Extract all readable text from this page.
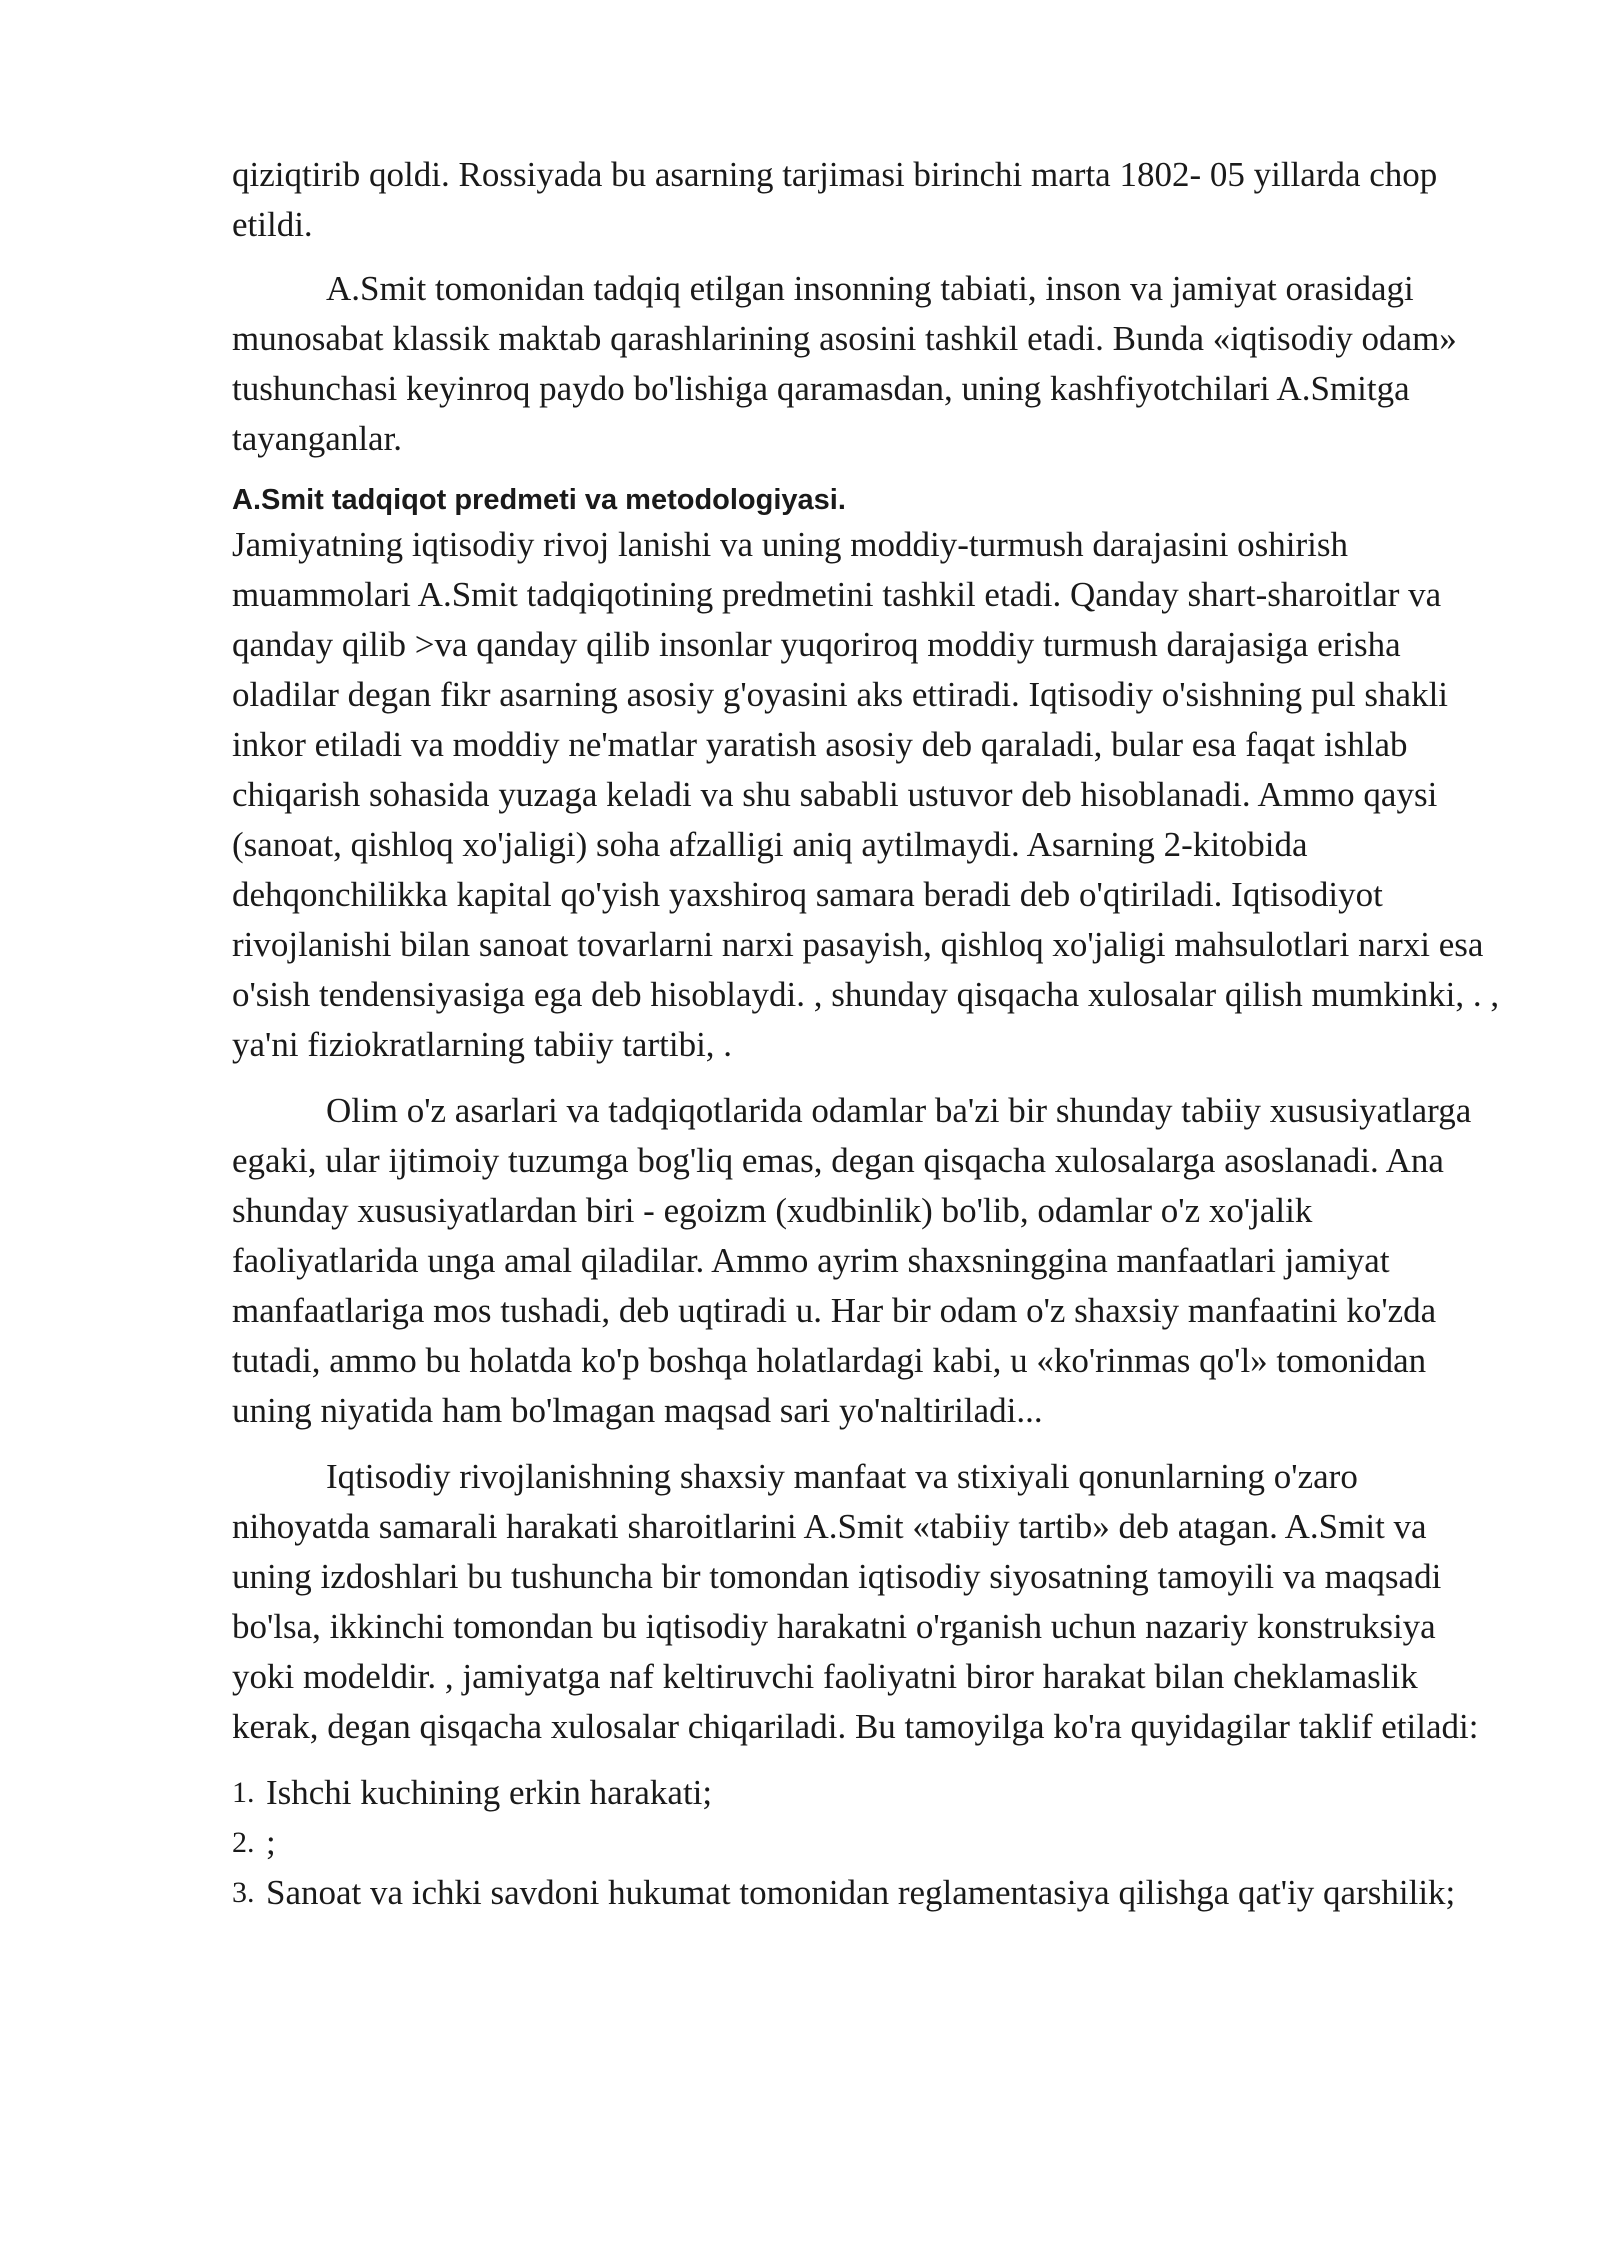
qiziqtirib qoldi. Rossiyada bu asarning tarjimasi birinchi marta 1802- 05 yillarda chop etildi.

A.Smit tomonidan tadqiq etilgan insonning tabiati, inson va jamiyat orasidagi munosabat klassik maktab qarashlarining asosini tashkil etadi. Bunda «iqtisodiy odam» tushunchasi keyinroq paydo bo'lishiga qaramasdan, uning kashfiyotchilari A.Smitga tayanganlar.

A.Smit tadqiqot predmeti va metodologiyasi.

Jamiyatning iqtisodiy rivoj lanishi va uning moddiy-turmush darajasini oshirish muammolari A.Smit tadqiqotining predmetini tashkil etadi. Qanday shart-sharoitlar va qanday qilib >va qanday qilib insonlar yuqoriroq moddiy turmush darajasiga erisha oladilar degan fikr asarning asosiy g'oyasini aks ettiradi. Iqtisodiy o'sishning pul shakli inkor etiladi va moddiy ne'matlar yaratish asosiy deb qaraladi, bular esa faqat ishlab chiqarish sohasida yuzaga keladi va shu sababli ustuvor deb hisoblanadi. Ammo qaysi (sanoat, qishloq xo'jaligi) soha afzalligi aniq aytilmaydi. Asarning 2-kitobida dehqonchilikka kapital qo'yish yaxshiroq samara beradi deb o'qtiriladi. Iqtisodiyot rivojlanishi bilan sanoat tovarlarni narxi pasayish, qishloq xo'jaligi mahsulotlari narxi esa o'sish tendensiyasiga ega deb hisoblaydi. , shunday qisqacha xulosalar qilish mumkinki, . , ya'ni fiziokratlarning tabiiy tartibi, .

Olim o'z asarlari va tadqiqotlarida odamlar ba'zi bir shunday tabiiy xususiyatlarga egaki, ular ijtimoiy tuzumga bog'liq emas, degan qisqacha xulosalarga asoslanadi. Ana shunday xususiyatlardan biri - egoizm (xudbinlik) bo'lib, odamlar o'z xo'jalik faoliyatlarida unga amal qiladilar. Ammo ayrim shaxsninggina manfaatlari jamiyat manfaatlariga mos tushadi, deb uqtiradi u. Har bir odam o'z shaxsiy manfaatini ko'zda tutadi, ammo bu holatda ko'p boshqa holatlardagi kabi, u «ko'rinmas qo'l» tomonidan uning niyatida ham bo'lmagan maqsad sari yo'naltiriladi...

Iqtisodiy rivojlanishning shaxsiy manfaat va stixiyali qonunlarning o'zaro nihoyatda samarali harakati sharoitlarini A.Smit «tabiiy tartib» deb atagan. A.Smit va uning izdoshlari bu tushuncha bir tomondan iqtisodiy siyosatning tamoyili va maqsadi bo'lsa, ikkinchi tomondan bu iqtisodiy harakatni o'rganish uchun nazariy konstruksiya yoki modeldir. , jamiyatga naf keltiruvchi faoliyatni biror harakat bilan cheklamaslik kerak, degan qisqacha xulosalar chiqariladi. Bu tamoyilga ko'ra quyidagilar taklif etiladi:

1. Ishchi kuchining erkin harakati;
2. ;
3. Sanoat va ichki savdoni hukumat tomonidan reglamentasiya qilishga qat'iy qarshilik;
